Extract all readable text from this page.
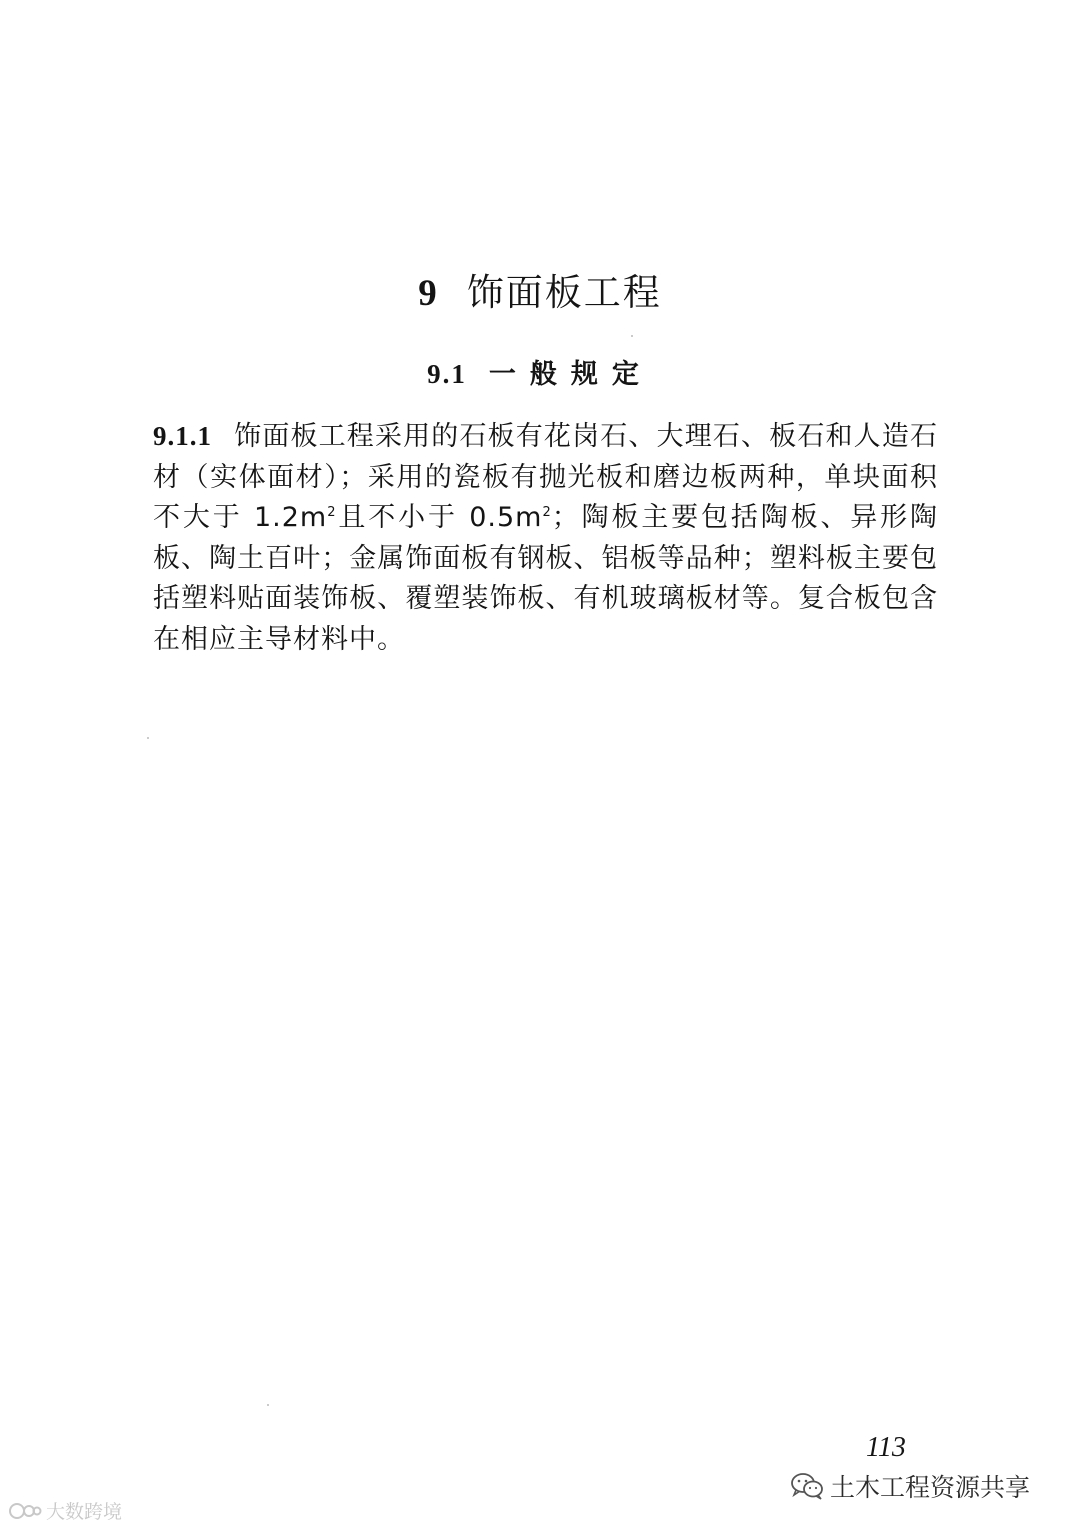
9 饰面板工程
9.1 一般规定
9.1.1 饰面板工程采用的石板有花岗石、大理石、板石和人造石材（实体面材）；采用的瓷板有抛光板和磨边板两种，单块面积不大于 $1.2m^2$且不小于 $0.5m^2$；陶板主要包括陶板、异形陶板、陶土百叶；金属饰面板有钢板、铝板等品种；塑料板主要包括塑料贴面装饰板、覆塑装饰板、有机玻璃板材等。复合板包含在相应主导材料中。
113
土木工程资源共享
大数跨境
